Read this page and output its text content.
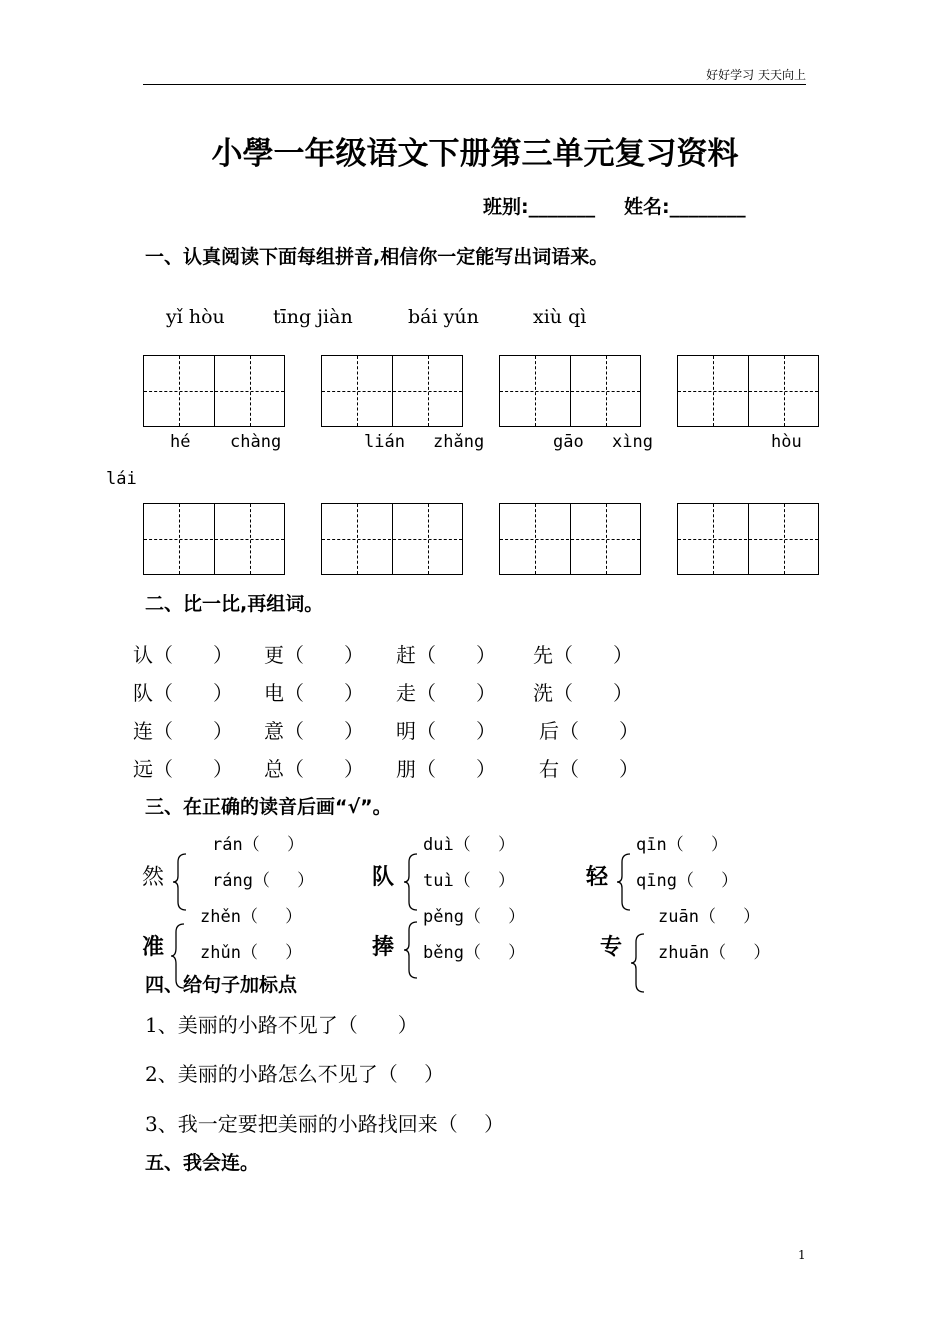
好好学习 天天向上
小學一年级语文下册第三单元复习资料
班别:_______ 姓名:________
一、认真阅读下面每组拼音,相信你一定能写出词语来。
yǐ hòu	tīng jiàn	bái yún	xiù qì
hé chàng	lián zhǎng	gāo xìng	hòu
lái
二、比一比,再组词。
认（　　） 更（　　） 赶（　　） 先（　　）
队（　　） 电（　　） 走（　　） 洗（　　）
连（　　） 意（　　） 明（　　） 后（　　）
远（　　） 总（　　） 朋（　　） 右（　　）
三、在正确的读音后画“√”。
rán（　 ）
然	ráng（　 ）
duì（　 ）
队 tuì（　 ）
qīn（　 ）
轻 qīng（　 ）
zhěn（　 ）
准 zhǔn（　 ）
pěng（　 ）
捧 běng（　 ）
zuān（　 ）
专 zhuān（　 ）
四、给句子加标点
1、美丽的小路不见了（　　）
2、美丽的小路怎么不见了（　 ）
3、我一定要把美丽的小路找回来（　 ）
五、我会连。
1
